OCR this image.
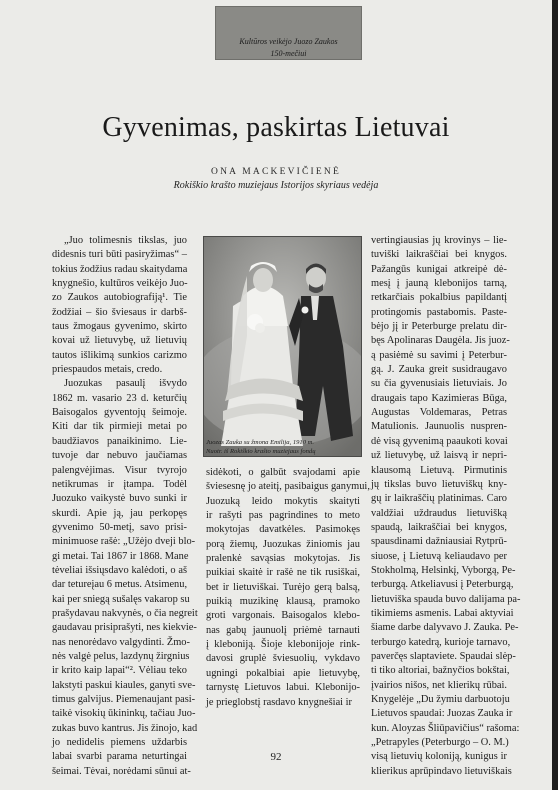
Kultūros veikėjo Juozo Zaukos
150-mečiui
Gyvenimas, paskirtas Lietuvai
ONA MACKEVIČIENĖ
Rokiškio krašto muziejaus Istorijos skyriaus vedėja
„Juo tolimesnis tikslas, juo
didesnis turi būti pasiryžimas“ –
tokius žodžius radau skaitydama
knygnešio, kultūros veikėjo Juo-
zo Zaukos autobiografiją¹. Tie
žodžiai – šio šviesaus ir darbš-
taus žmogaus gyvenimo, skirto
kovai už lietuvybę, už lietuvių
tautos išlikimą sunkios carizmo
priespaudos metais, credo.
Juozukas pasaulį išvydo
1862 m. vasario 23 d. keturčių
Baisogalos gyventojų šeimoje.
Kiti dar tik pirmieji metai po
baudžiavos panaikinimo. Lie-
tuvoje dar nebuvo jaučiamas
palengvėjimas. Visur tvyrojo
netikrumas ir įtampa. Todėl
Juozuko vaikystė buvo sunki ir
skurdi. Apie ją, jau perkopęs
gyvenimo 50-metį, savo prisi-
minimuose rašė: „Užėjo dveji blo-
gi metai. Tai 1867 ir 1868. Mane
tėveliai išsiųsdavo kalėdoti, o aš
dar tetureįau 6 metus. Atsimenu,
kai per sniegą sušalęs vakarop su
prašydavau nakvynės, o čia negreit
gaudavau prisiprašyti, nes kiekvie-
nas nenorėdavo valgydinti. Žmo-
nės valgė pelus, lazdynų žirgnius
ir krito kaip lapai“². Vėliau teko
lakstyti paskui kiaules, ganyti sve-
timus galvijus. Piemenaujant pasi-
taikė visokių ūkininkų, tačiau Juo-
zukas buvo kantrus. Jis žinojo, kad
jo nedidelis piemens uždarbis
labai svarbi parama neturtingai
šeimai. Tėvai, norėdami sūnui at-
Juozas Zauka su žmona Emilija, 1910 m.
Nuotr. iš Rokiškio krašto muziejaus fondų
sidėkoti, o galbūt svajodami apie
šviesesnę jo ateitį, pasibaigus ganymui,
Juozuką leido mokytis skaityti
ir rašyti pas pagrindines to meto
mokytojas davatkėles. Pasimokęs
porą žiemų, Juozukas žiniomis jau
pralenkė savąsias mokytojas. Jis
puikiai skaitė ir rašė ne tik rusiškai,
bet ir lietuviškai. Turėjo gerą balsą,
puikią muzikinę klausą, pramoko
groti vargonais. Baisogalos klebo-
nas gabų jaunuolį priėmė tarnauti
į kleboniją. Šioje klebonijoje rink-
davosi gruplė šviesuolių, vykdavo
ugningi pokalbiai apie lietuvybę,
tarnystę Lietuvos labui. Klebonijo-
je prieglobstį rasdavo knygnešiai ir
vertingiausias jų krovinys – lie-
tuviški laikraščiai bei knygos.
Pažangūs kunigai atkreipė dė-
mesį į jauną klebonijos tarną,
retkarčiais pokalbius papildantį
protingomis pastabomis. Paste-
bėjo jį ir Peterburge prelatu dir-
bęs Apolinaras Daugėla. Jis juoz-
ą pasiėmė su savimi į Peterbur-
gą. J. Zauka greit susidraugavo
su čia gyvenusiais lietuviais. Jo
draugais tapo Kazimieras Būga,
Augustas Voldemaras, Petras
Matulionis. Jaunuolis nuspren-
dė visą gyvenimą paaukoti kovai
už lietuvybę, už laisvą ir nepri-
klausomą Lietuvą. Pirmutinis
jų tikslas buvo lietuviškų kny-
gų ir laikraščių platinimas. Caro
valdžiai uždraudus lietuvišką
spaudą, laikraščiai bei knygos,
spausdinami dažniausiai Rytprū-
siuose, į Lietuvą keliaudavo per
Stokholmą, Helsinkį, Vyborgą, Pe-
terburgą. Atkeliavusi į Peterburgą,
lietuviška spauda buvo dalijama pa-
tikimiems asmenis. Labai aktyviai
šiame darbe dalyvavo J. Zauka. Pe-
terburgo katedrą, kurioje tarnavo,
paverčęs slaptaviete. Spaudai slėp-
ti tiko altoriai, bažnyčios bokštai,
įvairios nišos, net klierikų rūbai.
Knygelėje „Du žymiu darbuotoju
Lietuvos spaudai: Juozas Zauka ir
kun. Aloyzas Šliūpavičius“ rašoma:
„Petrapyles (Peterburgo – O. M.)
visą lietuvių koloniją, kunigus ir
klierikus aprūpindavo lietuviškais
92
